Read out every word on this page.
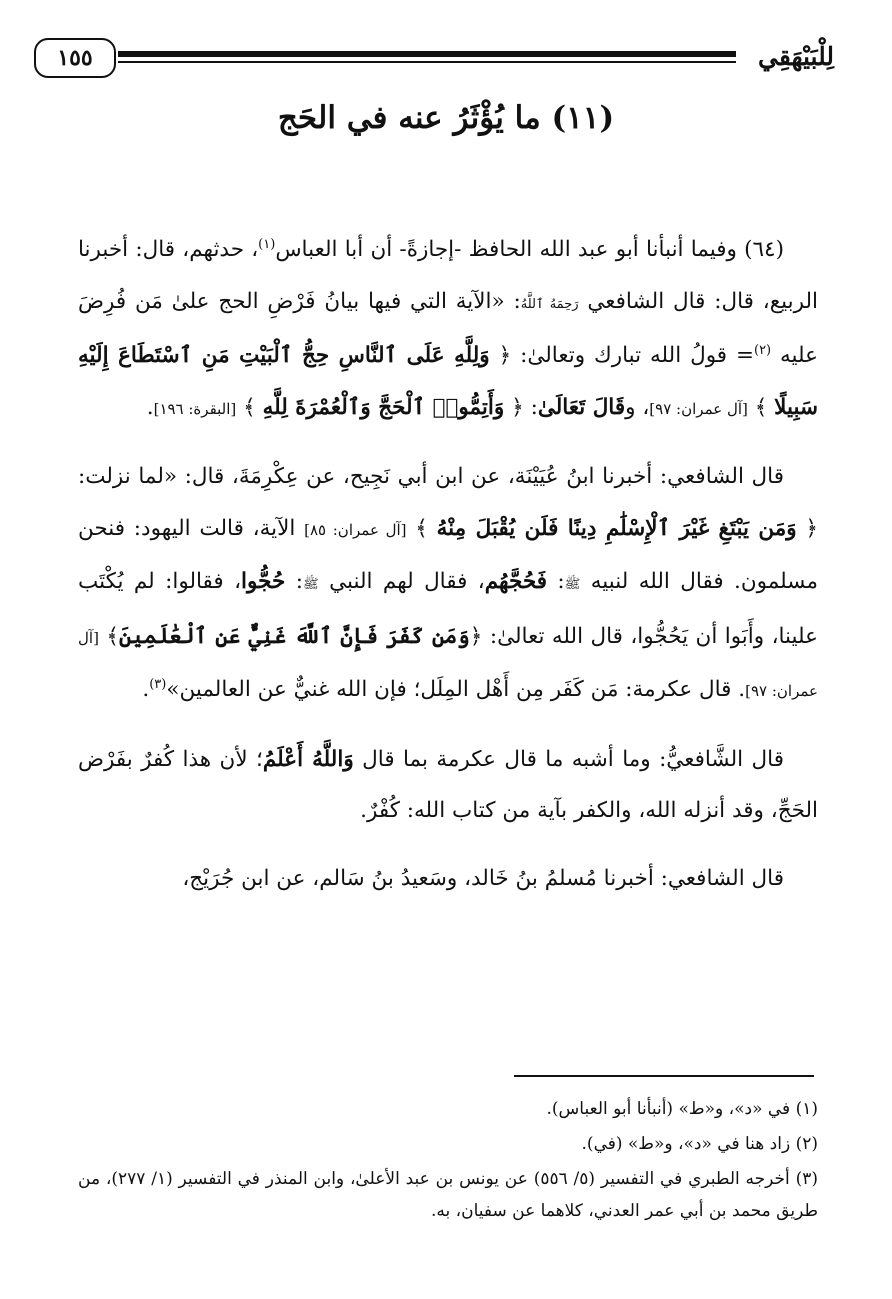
١٥٥	لِلْبَيْهَقِي
(١١) ما يُؤْثَرُ عنه في الحَج

(٦٤) وفيما أنبأنا أبو عبد الله الحافظ -إجازةً- أن أبا العباس$^{(١)}$، حدثهم، قال: أخبرنا الربيع، قال: قال الشافعي رَحِمَهُ ٱللَّهُ: «الآية التي فيها بيانُ فَرْضِ الحج علىٰ مَن فُرِضَ عليه $^{(٢)}$= قولُ الله تبارك وتعالىٰ: ﴿ وَلِلَّهِ عَلَى ٱلنَّاسِ حِجُّ ٱلْبَيْتِ مَنِ ٱسْتَطَاعَ إِلَيْهِ سَبِيلًا ﴾ [آل عمران: ٩٧]، وقَالَ تَعَالَىٰ: ﴿ وَأَتِمُّوا۟ ٱلْحَجَّ وَٱلْعُمْرَةَ لِلَّهِ ﴾ [البقرة: ١٩٦].

قال الشافعي: أخبرنا ابنُ عُيَيْنَة، عن ابن أبي نَجِيح، عن عِكْرِمَةَ، قال: «لما نزلت: ﴿ وَمَن يَبْتَغِ غَيْرَ ٱلْإِسْلَٰمِ دِينًا فَلَن يُقْبَلَ مِنْهُ ﴾ [آل عمران: ٨٥] الآية، قالت اليهود: فنحن مسلمون. فقال الله لنبيه ﷺ: فَحُجَّهُم، فقال لهم النبي ﷺ: حُجُّوا، فقالوا: لم يُكْتَب علينا، وأَبَوا أن يَحُجُّوا، قال الله تعالىٰ: ﴿وَمَن كَفَرَ فَإِنَّ ٱللَّهَ غَنِيٌّ عَنِ ٱلْعَٰلَمِينَ﴾ [آل عمران: ٩٧]. قال عكرمة: مَن كَفَر مِن أَهْل المِلَل؛ فإن الله غنيٌّ عن العالمين»$^{(٣)}$.

قال الشَّافعيُّ: وما أشبه ما قال عكرمة بما قال وَاللَّهُ أَعْلَمُ؛ لأن هذا كُفرٌ بفَرْض الحَجِّ، وقد أنزله الله، والكفر بآية من كتاب الله: كُفْرٌ.

قال الشافعي: أخبرنا مُسلمُ بنُ خَالد، وسَعيدُ بنُ سَالم، عن ابن جُرَيْج،

(١) في «د»، و«ط» (أنبأنا أبو العباس).
(٢) زاد هنا في «د»، و«ط» (في).
(٣) أخرجه الطبري في التفسير (٥/ ٥٥٦) عن يونس بن عبد الأعلىٰ، وابن المنذر في التفسير (١/ ٢٧٧)، من طريق محمد بن أبي عمر العدني، كلاهما عن سفيان، به.
